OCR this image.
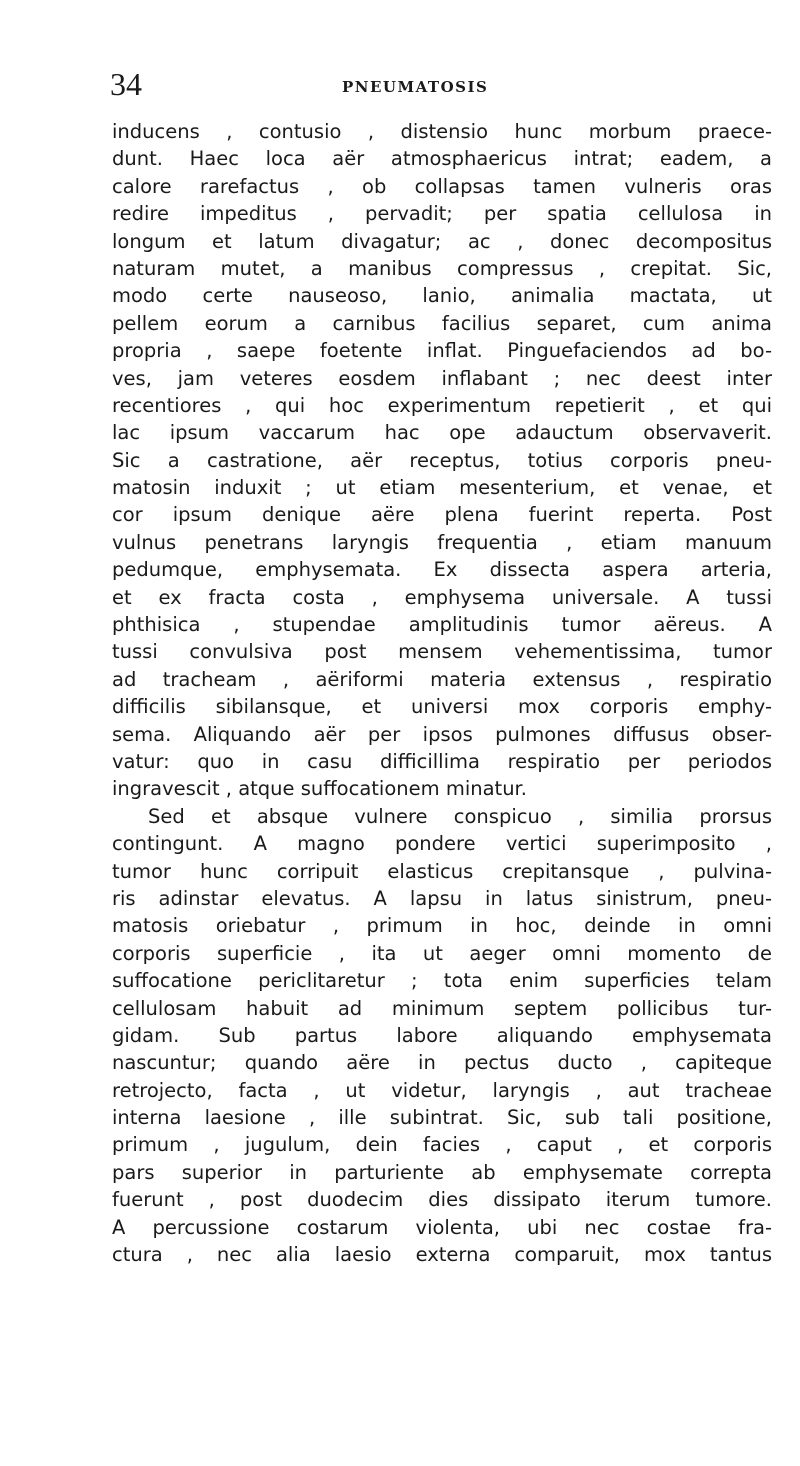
34	PNEUMATOSIS
inducens , contusio , distensio hunc morbum praece-
dunt. Haec loca aër atmosphaericus intrat; eadem, a
calore rarefactus , ob collapsas tamen vulneris oras
redire impeditus , pervadit; per spatia cellulosa in
longum et latum divagatur; ac , donec decompositus
naturam mutet, a manibus compressus , crepitat. Sic,
modo certe nauseoso, lanio, animalia mactata, ut
pellem eorum a carnibus facilius separet, cum anima
propria , saepe foetente inflat. Pinguefaciendos ad bo-
ves, jam veteres eosdem inflabant ; nec deest inter
recentiores , qui hoc experimentum repetierit , et qui
lac ipsum vaccarum hac ope adauctum observaverit.
Sic a castratione, aër receptus, totius corporis pneu-
matosin induxit ; ut etiam mesenterium, et venae, et
cor ipsum denique aëre plena fuerint reperta. Post
vulnus penetrans laryngis frequentia , etiam manuum
pedumque, emphysemata. Ex dissecta aspera arteria,
et ex fracta costa , emphysema universale. A tussi
phthisica , stupendae amplitudinis tumor aëreus. A
tussi convulsiva post mensem vehementissima, tumor
ad tracheam , aëriformi materia extensus , respiratio
difficilis sibilansque, et universi mox corporis emphy-
sema. Aliquando aër per ipsos pulmones diffusus obser-
vatur: quo in casu difficillima respiratio per periodos
ingravescit , atque suffocationem minatur.
Sed et absque vulnere conspicuo , similia prorsus
contingunt. A magno pondere vertici superimposito ,
tumor hunc corripuit elasticus crepitansque , pulvina-
ris adinstar elevatus. A lapsu in latus sinistrum, pneu-
matosis oriebatur , primum in hoc, deinde in omni
corporis superficie , ita ut aeger omni momento de
suffocatione periclitaretur ; tota enim superficies telam
cellulosam habuit ad minimum septem pollicibus tur-
gidam. Sub partus labore aliquando emphysemata
nascuntur; quando aëre in pectus ducto , capiteque
retrojecto, facta , ut videtur, laryngis , aut tracheae
interna laesione , ille subintrat. Sic, sub tali positione,
primum , jugulum, dein facies , caput , et corporis
pars superior in parturiente ab emphysemate correpta
fuerunt , post duodecim dies dissipato iterum tumore.
A percussione costarum violenta, ubi nec costae fra-
ctura , nec alia laesio externa comparuit, mox tantus
